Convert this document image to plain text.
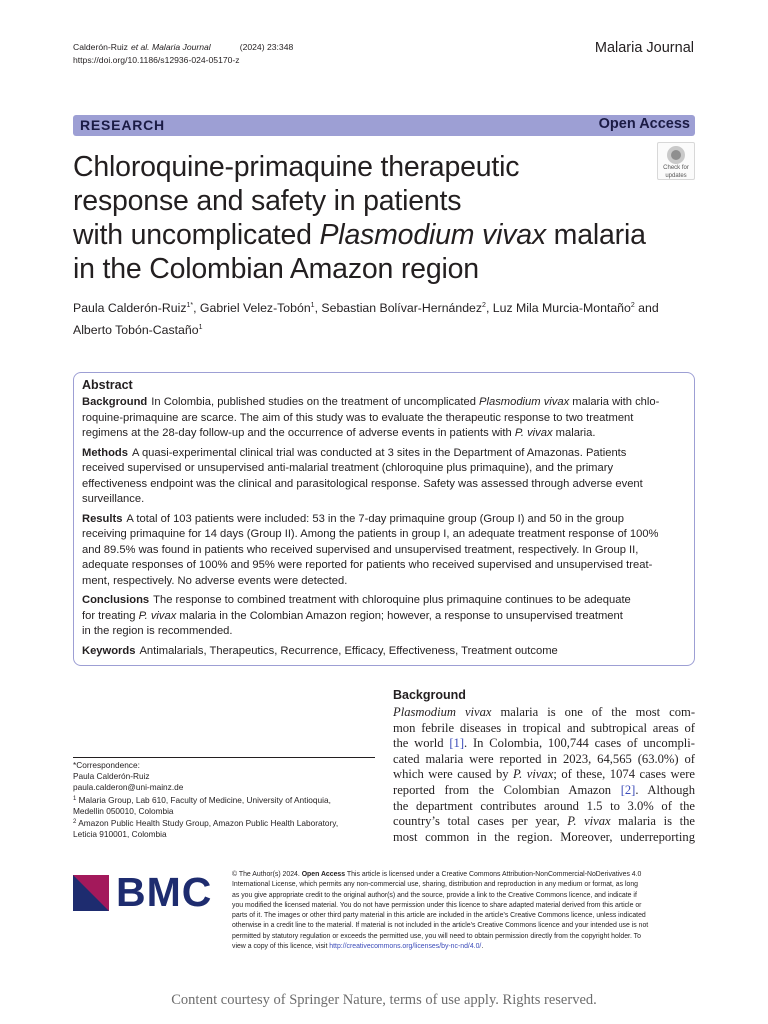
Calderón-Ruiz et al. Malaria Journal	(2024) 23:348
https://doi.org/10.1186/s12936-024-05170-z
Malaria Journal
RESEARCH	Open Access
Check for
updates
Chloroquine-primaquine therapeutic
response and safety in patients
with uncomplicated Plasmodium vivax malaria
in the Colombian Amazon region
Paula Calderón-Ruiz$^{1*}$, Gabriel Velez-Tobón$^1$, Sebastian Bolívar-Hernández$^2$, Luz Mila Murcia-Montaño$^2$ and
Alberto Tobón-Castaño$^1$
Abstract
Background In Colombia, published studies on the treatment of uncomplicated Plasmodium vivax malaria with chlo-
roquine-primaquine are scarce. The aim of this study was to evaluate the therapeutic response to two treatment
regimens at the 28-day follow-up and the occurrence of adverse events in patients with P. vivax malaria.
Methods A quasi-experimental clinical trial was conducted at 3 sites in the Department of Amazonas. Patients
received supervised or unsupervised anti-malarial treatment (chloroquine plus primaquine), and the primary
effectiveness endpoint was the clinical and parasitological response. Safety was assessed through adverse event
surveillance.
Results A total of 103 patients were included: 53 in the 7-day primaquine group (Group I) and 50 in the group
receiving primaquine for 14 days (Group II). Among the patients in group I, an adequate treatment response of 100%
and 89.5% was found in patients who received supervised and unsupervised treatment, respectively. In Group II,
adequate responses of 100% and 95% were reported for patients who received supervised and unsupervised treat-
ment, respectively. No adverse events were detected.
Conclusions The response to combined treatment with chloroquine plus primaquine continues to be adequate
for treating P. vivax malaria in the Colombian Amazon region; however, a response to unsupervised treatment
in the region is recommended.
Keywords Antimalarials, Therapeutics, Recurrence, Efficacy, Effectiveness, Treatment outcome
Background
Plasmodium vivax malaria is one of the most com-
mon febrile diseases in tropical and subtropical areas of
the world [1]. In Colombia, 100,744 cases of uncompli-
cated malaria were reported in 2023, 64,565 (63.0%) of
which were caused by P. vivax; of these, 1074 cases were
reported from the Colombian Amazon [2]. Although
the department contributes around 1.5 to 3.0% of the
country’s total cases per year, P. vivax malaria is the
most common in the region. Moreover, underreporting
*Correspondence:
Paula Calderón-Ruiz
paula.calderon@uni-mainz.de
$^1$ Malaria Group, Lab 610, Faculty of Medicine, University of Antioquia,
Medellin 050010, Colombia
$^2$ Amazon Public Health Study Group, Amazon Public Health Laboratory,
Leticia 910001, Colombia
BMC	© The Author(s) 2024. Open Access This article is licensed under a Creative Commons Attribution-NonCommercial-NoDerivatives 4.0
International License, which permits any non-commercial use, sharing, distribution and reproduction in any medium or format, as long
as you give appropriate credit to the original author(s) and the source, provide a link to the Creative Commons licence, and indicate if
you modified the licensed material. You do not have permission under this licence to share adapted material derived from this article or
parts of it. The images or other third party material in this article are included in the article’s Creative Commons licence, unless indicated
otherwise in a credit line to the material. If material is not included in the article’s Creative Commons licence and your intended use is not
permitted by statutory regulation or exceeds the permitted use, you will need to obtain permission directly from the copyright holder. To
view a copy of this licence, visit http://creativecommons.org/licenses/by-nc-nd/4.0/.
Content courtesy of Springer Nature, terms of use apply. Rights reserved.
